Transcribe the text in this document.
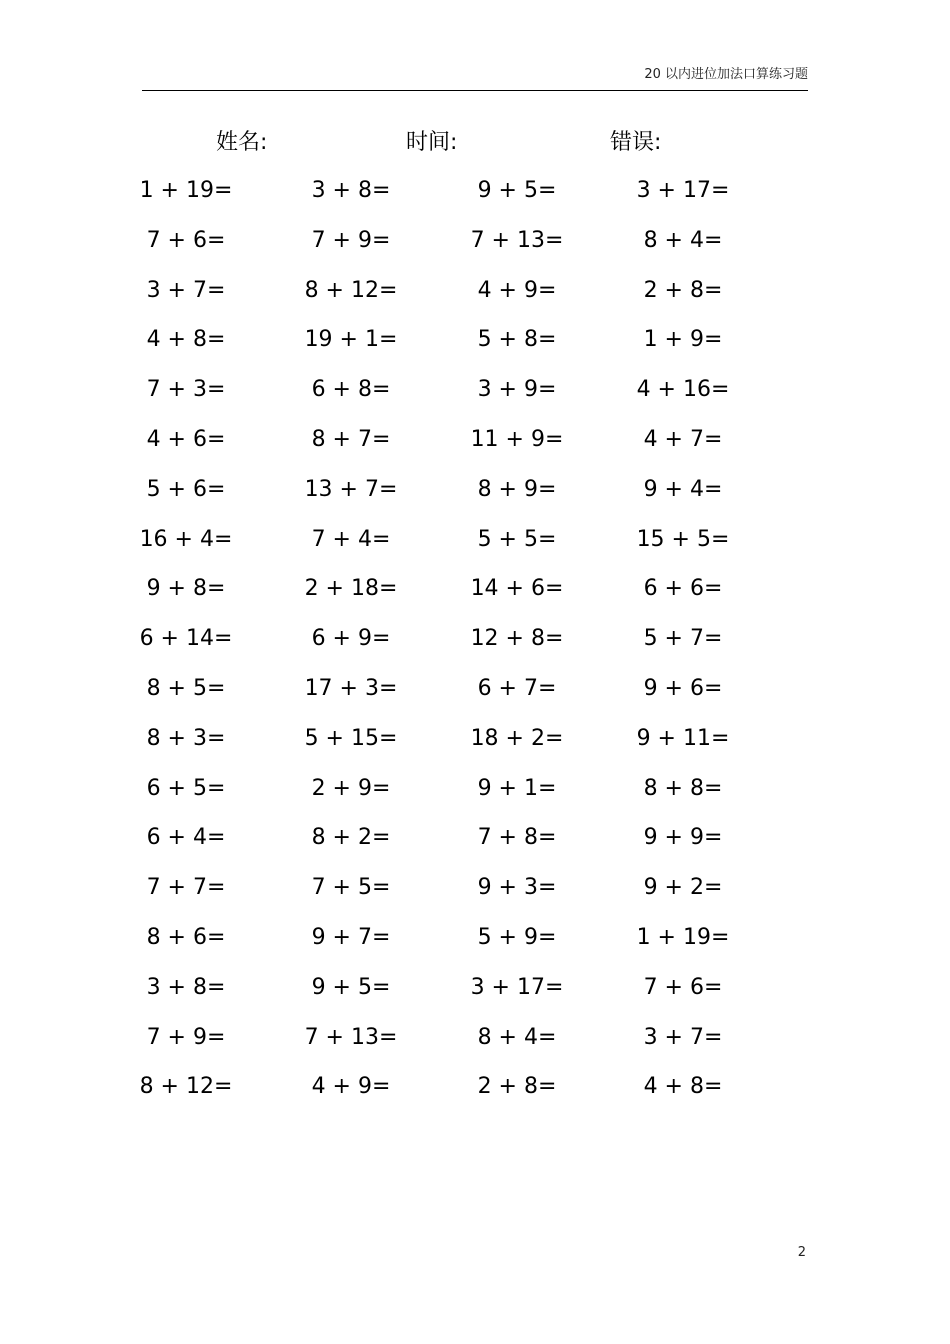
20 以内进位加法口算练习题
姓名:	时间:	错误:
1 + 19=	3 + 8=	9 + 5=	3 + 17=
7 + 6=	7 + 9=	7 + 13=	8 + 4=
3 + 7=	8 + 12=	4 + 9=	2 + 8=
4 + 8=	19 + 1=	5 + 8=	1 + 9=
7 + 3=	6 + 8=	3 + 9=	4 + 16=
4 + 6=	8 + 7=	11 + 9=	4 + 7=
5 + 6=	13 + 7=	8 + 9=	9 + 4=
16 + 4=	7 + 4=	5 + 5=	15 + 5=
9 + 8=	2 + 18=	14 + 6=	6 + 6=
6 + 14=	6 + 9=	12 + 8=	5 + 7=
8 + 5=	17 + 3=	6 + 7=	9 + 6=
8 + 3=	5 + 15=	18 + 2=	9 + 11=
6 + 5=	2 + 9=	9 + 1=	8 + 8=
6 + 4=	8 + 2=	7 + 8=	9 + 9=
7 + 7=	7 + 5=	9 + 3=	9 + 2=
8 + 6=	9 + 7=	5 + 9=	1 + 19=
3 + 8=	9 + 5=	3 + 17=	7 + 6=
7 + 9=	7 + 13=	8 + 4=	3 + 7=
8 + 12=	4 + 9=	2 + 8=	4 + 8=
2
